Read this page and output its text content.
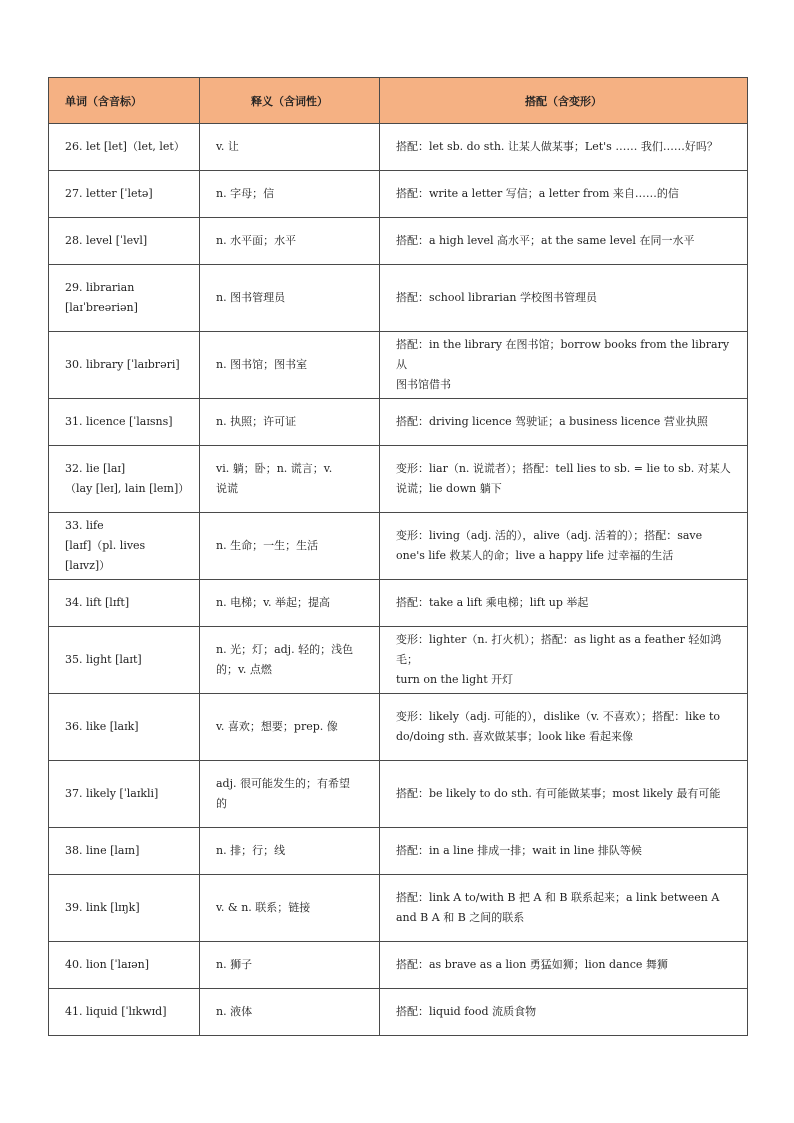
单词（含音标）	释义（含词性）	搭配（含变形）

26. let [let]（let, let）	v. 让	搭配：let sb. do sth. 让某人做某事；Let's …… 我们……好吗？

27. letter [ˈletə]	n. 字母；信	搭配：write a letter 写信；a letter from 来自……的信

28. level [ˈlevl]	n. 水平面；水平	搭配：a high level 高水平；at the same level 在同一水平

29. librarian
[laɪˈbreəriən]	n. 图书管理员	搭配：school librarian 学校图书管理员

30. library [ˈlaɪbrəri]	n. 图书馆；图书室	搭配：in the library 在图书馆；borrow books from the library 从
图书馆借书

31. licence [ˈlaɪsns]	n. 执照；许可证	搭配：driving licence 驾驶证；a business licence 营业执照

32. lie [laɪ]
（lay [leɪ], lain [leɪn]）	vi. 躺；卧；n. 谎言；v.
说谎	变形：liar（n. 说谎者）；搭配：tell lies to sb. = lie to sb. 对某人
说谎；lie down 躺下

33. life
[laɪf]（pl. lives [laɪvz]）	n. 生命；一生；生活	变形：living（adj. 活的），alive（adj. 活着的）；搭配：save
one's life 救某人的命；live a happy life 过幸福的生活

34. lift [lɪft]	n. 电梯；v. 举起；提高	搭配：take a lift 乘电梯；lift up 举起

35. light [laɪt]	n. 光；灯；adj. 轻的；浅色
的；v. 点燃	变形：lighter（n. 打火机）；搭配：as light as a feather 轻如鸿毛；
turn on the light 开灯

36. like [laɪk]	v. 喜欢；想要；prep. 像	变形：likely（adj. 可能的），dislike（v. 不喜欢）；搭配：like to
do/doing sth. 喜欢做某事；look like 看起来像

37. likely [ˈlaɪkli]	adj. 很可能发生的；有希望
的	搭配：be likely to do sth. 有可能做某事；most likely 最有可能

38. line [laɪn]	n. 排；行；线	搭配：in a line 排成一排；wait in line 排队等候

39. link [lɪŋk]	v. & n. 联系；链接	搭配：link A to/with B 把 A 和 B 联系起来；a link between A
and B A 和 B 之间的联系

40. lion [ˈlaɪən]	n. 狮子	搭配：as brave as a lion 勇猛如狮；lion dance 舞狮

41. liquid [ˈlɪkwɪd]	n. 液体	搭配：liquid food 流质食物
